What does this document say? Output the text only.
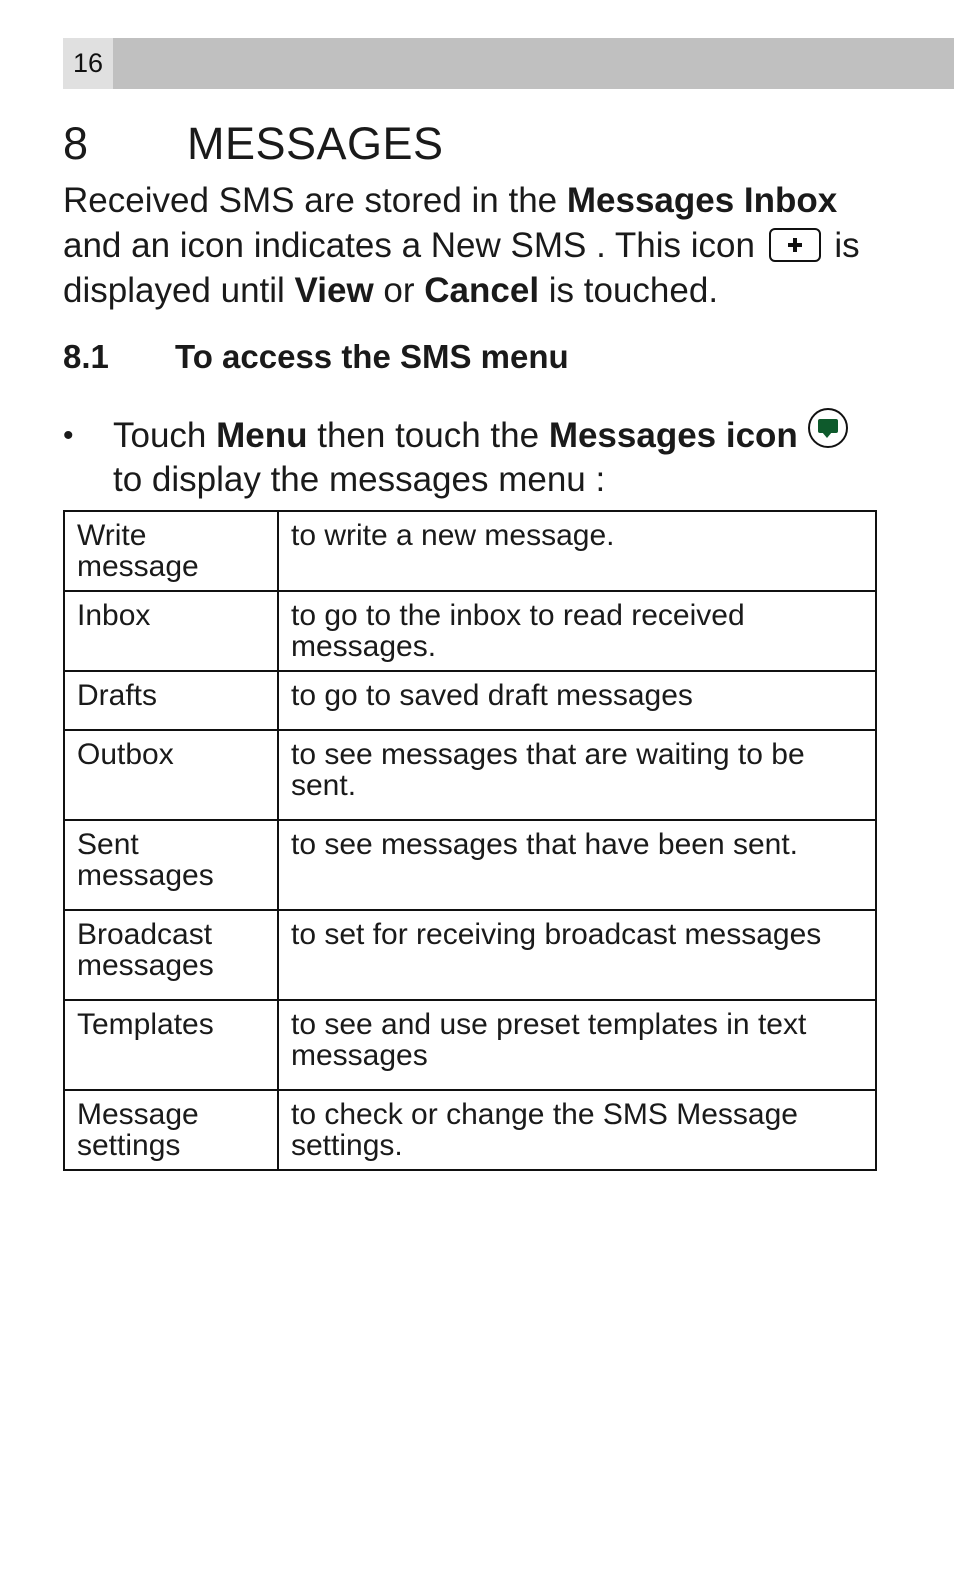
16
8 MESSAGES

Received SMS are stored in the Messages Inbox and an icon indicates a New SMS . This icon  is displayed until View or Cancel is touched.

8.1 To access the SMS menu
• Touch Menu then touch the Messages icon
to display the messages menu :
Write message	to write a new message.
Inbox	to go to the inbox to read received messages.
Drafts	to go to saved draft messages
Outbox	to see messages that are waiting to be sent.
Sent messages	to see messages that have been sent.
Broadcast messages	to set for receiving broadcast messages
Templates	to see and use preset templates in text messages
Message settings	to check or change the SMS Message settings.
